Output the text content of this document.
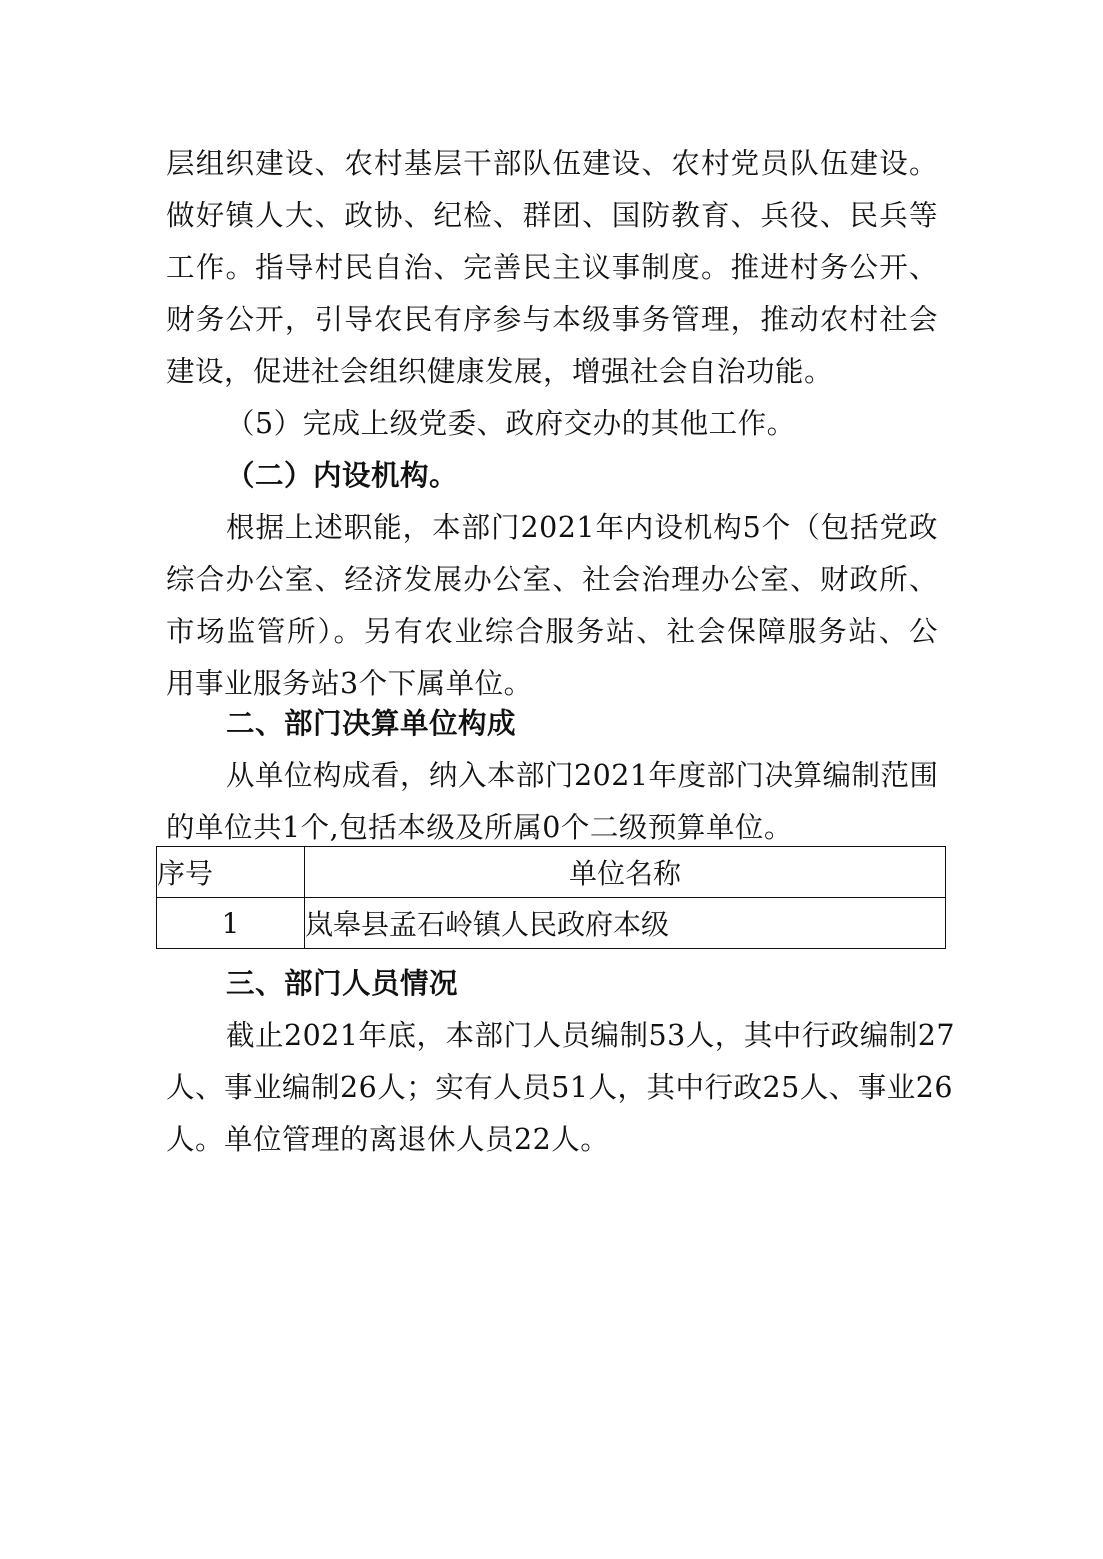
层组织建设、农村基层干部队伍建设、农村党员队伍建设。
做好镇人大、政协、纪检、群团、国防教育、兵役、民兵等
工作。指导村民自治、完善民主议事制度。推进村务公开、
财务公开，引导农民有序参与本级事务管理，推动农村社会
建设，促进社会组织健康发展，增强社会自治功能。
（5）完成上级党委、政府交办的其他工作。
（二）内设机构。
根据上述职能，本部门2021年内设机构5个（包括党政
综合办公室、经济发展办公室、社会治理办公室、财政所、
市场监管所）。另有农业综合服务站、社会保障服务站、公
用事业服务站3个下属单位。
二、部门决算单位构成
从单位构成看，纳入本部门2021年度部门决算编制范围
的单位共1个,包括本级及所属0个二级预算单位。
序号	单位名称
1	岚皋县孟石岭镇人民政府本级
三、部门人员情况
截止2021年底，本部门人员编制53人，其中行政编制27
人、事业编制26人；实有人员51人，其中行政25人、事业26
人。单位管理的离退休人员22人。
